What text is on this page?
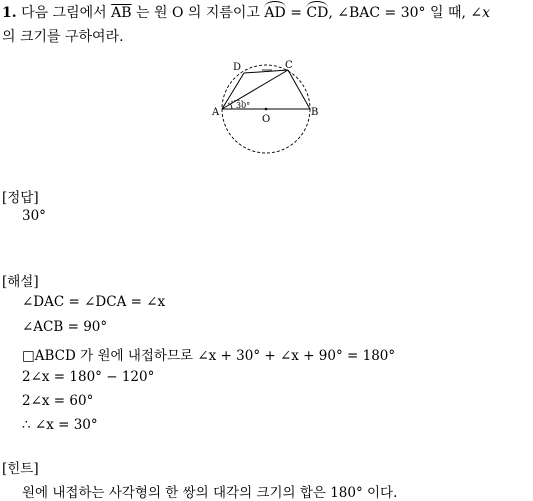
1. 다음 그림에서 $\overline{AB}$ 는 원 O 의 지름이고 AD = CD, ∠BAC = 30° 일 때, ∠x
의 크기를 구하여라.
D	C
A	B
O
30°
[정답]
30°
[해설]
∠DAC = ∠DCA = ∠x
∠ACB = 90°
□ABCD 가 원에 내접하므로 ∠x + 30° + ∠x + 90° = 180°
2∠x = 180° − 120°
2∠x = 60°
∴ ∠x = 30°
[힌트]
원에 내접하는 사각형의 한 쌍의 대각의 크기의 합은 180° 이다.
